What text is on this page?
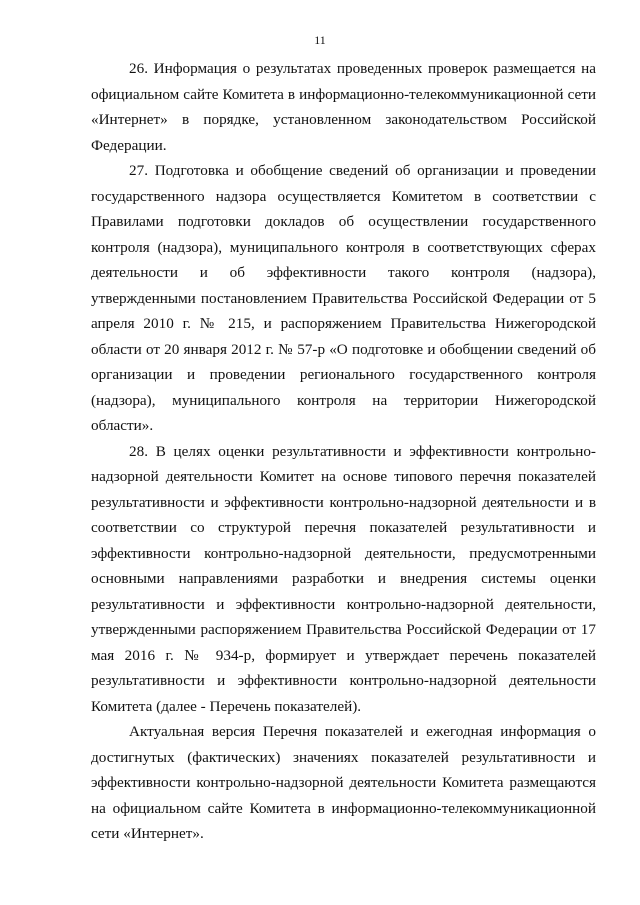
11

26. Информация о результатах проведенных проверок размещается на официальном сайте Комитета в информационно-телекоммуникационной сети «Интернет» в порядке, установленном законодательством Российской Федерации.

27. Подготовка и обобщение сведений об организации и проведении государственного надзора осуществляется Комитетом в соответствии с Правилами подготовки докладов об осуществлении государственного контроля (надзора), муниципального контроля в соответствующих сферах деятельности и об эффективности такого контроля (надзора), утвержденными постановлением Правительства Российской Федерации от 5 апреля 2010 г. № 215, и распоряжением Правительства Нижегородской области от 20 января 2012 г. № 57-р «О подготовке и обобщении сведений об организации и проведении регионального государственного контроля (надзора), муниципального контроля на территории Нижегородской области».

28. В целях оценки результативности и эффективности контрольно-надзорной деятельности Комитет на основе типового перечня показателей результативности и эффективности контрольно-надзорной деятельности и в соответствии со структурой перечня показателей результативности и эффективности контрольно-надзорной деятельности, предусмотренными основными направлениями разработки и внедрения системы оценки результативности и эффективности контрольно-надзорной деятельности, утвержденными распоряжением Правительства Российской Федерации от 17 мая 2016 г. № 934-р, формирует и утверждает перечень показателей результативности и эффективности контрольно-надзорной деятельности Комитета (далее - Перечень показателей).

Актуальная версия Перечня показателей и ежегодная информация о достигнутых (фактических) значениях показателей результативности и эффективности контрольно-надзорной деятельности Комитета размещаются на официальном сайте Комитета в информационно-телекоммуникационной сети «Интернет».
